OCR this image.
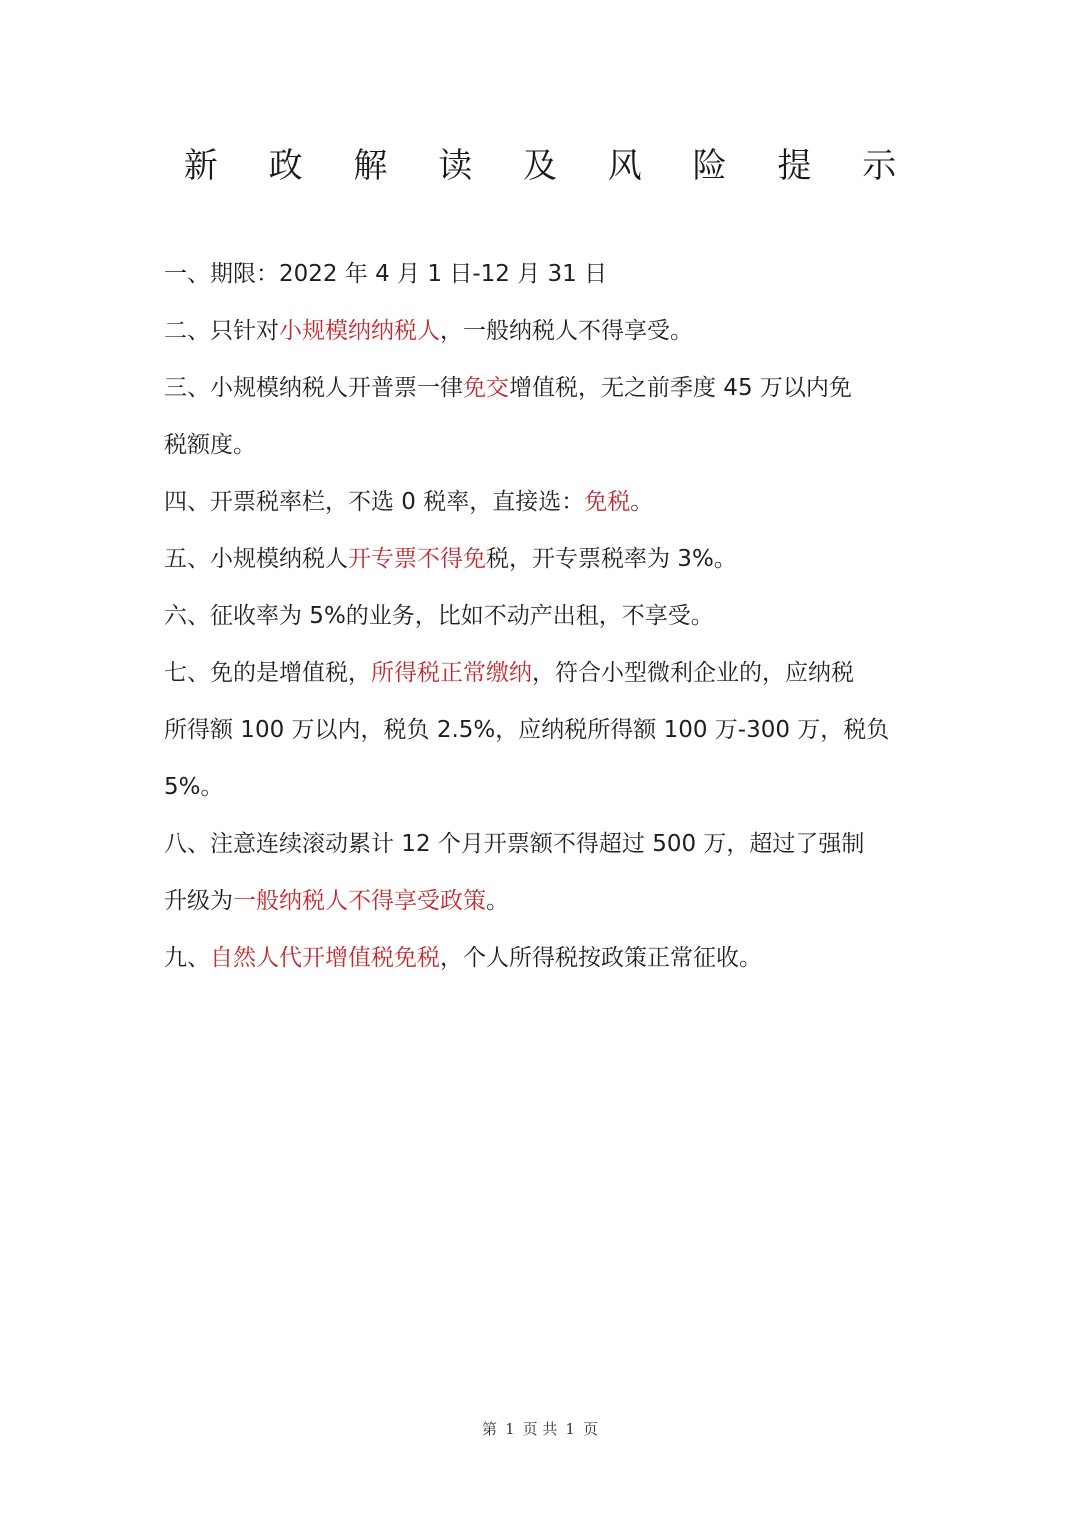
新 政 解 读 及 风 险 提 示
一、期限：2022 年 4 月 1 日-12 月 31 日
二、只针对小规模纳纳税人，一般纳税人不得享受。
三、小规模纳税人开普票一律免交增值税，无之前季度 45 万以内免
税额度。
四、开票税率栏，不选 0 税率，直接选：免税。
五、小规模纳税人开专票不得免税，开专票税率为 3%。
六、征收率为 5%的业务，比如不动产出租，不享受。
七、免的是增值税，所得税正常缴纳，符合小型微利企业的，应纳税
所得额 100 万以内，税负 2.5%，应纳税所得额 100 万-300 万，税负
5%。
八、注意连续滚动累计 12 个月开票额不得超过 500 万，超过了强制
升级为一般纳税人不得享受政策。
九、自然人代开增值税免税，个人所得税按政策正常征收。
第 1 页 共 1 页
